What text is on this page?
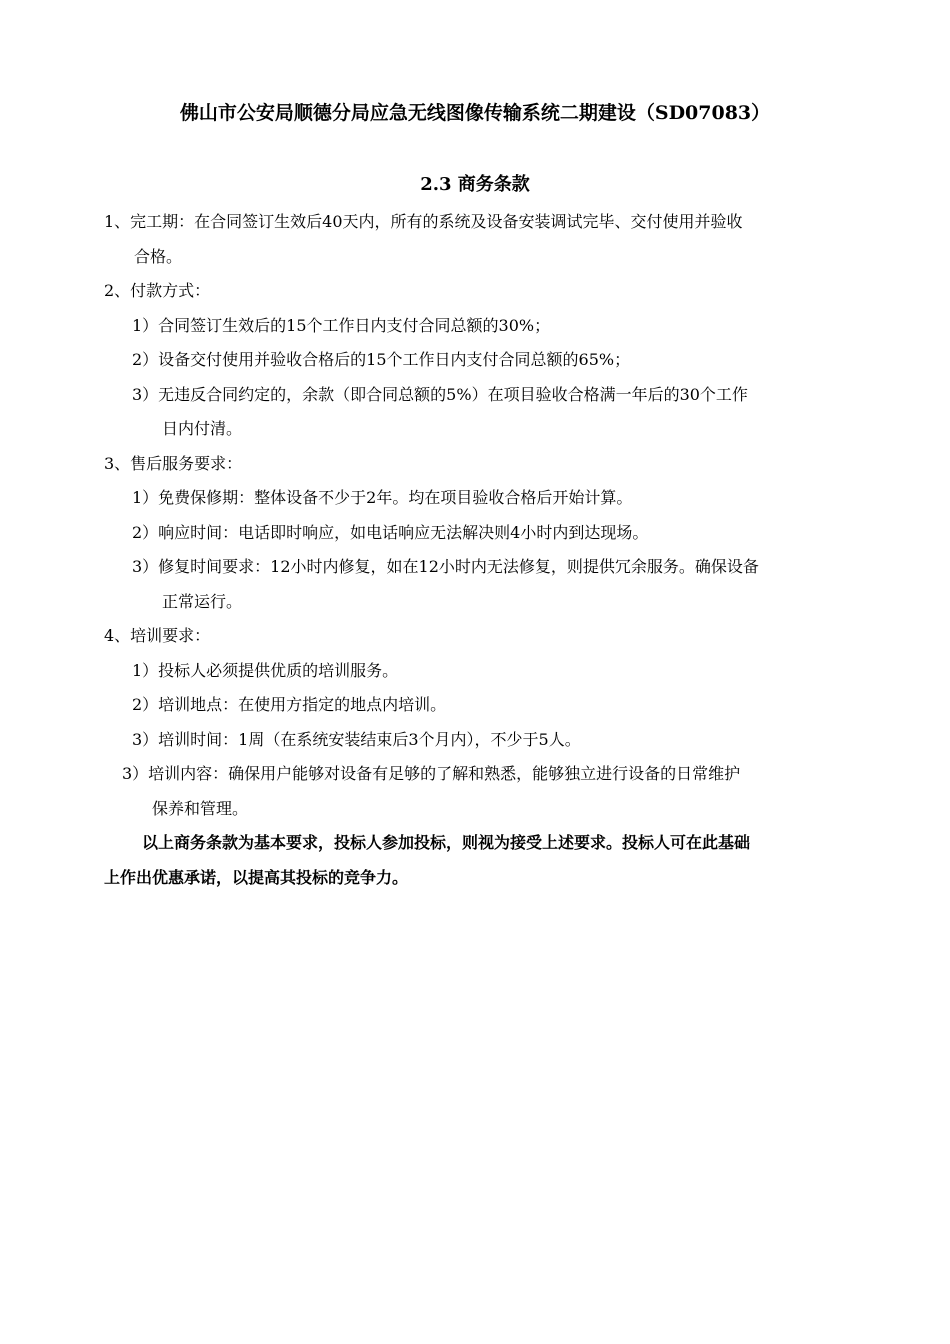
佛山市公安局顺德分局应急无线图像传输系统二期建设（SD07083）
2.3 商务条款

1、完工期：在合同签订生效后40天内，所有的系统及设备安装调试完毕、交付使用并验收

合格。

2、付款方式：

1）合同签订生效后的15个工作日内支付合同总额的30%；

2）设备交付使用并验收合格后的15个工作日内支付合同总额的65%；

3）无违反合同约定的，余款（即合同总额的5%）在项目验收合格满一年后的30个工作

日内付清。

3、售后服务要求：

1）免费保修期：整体设备不少于2年。均在项目验收合格后开始计算。

2）响应时间：电话即时响应，如电话响应无法解决则4小时内到达现场。

3）修复时间要求：12小时内修复，如在12小时内无法修复，则提供冗余服务。确保设备

正常运行。

4、培训要求：

1）投标人必须提供优质的培训服务。

2）培训地点：在使用方指定的地点内培训。

3）培训时间：1周（在系统安装结束后3个月内），不少于5人。

3）培训内容：确保用户能够对设备有足够的了解和熟悉，能够独立进行设备的日常维护

保养和管理。

以上商务条款为基本要求，投标人参加投标，则视为接受上述要求。投标人可在此基础

上作出优惠承诺，以提高其投标的竞争力。
